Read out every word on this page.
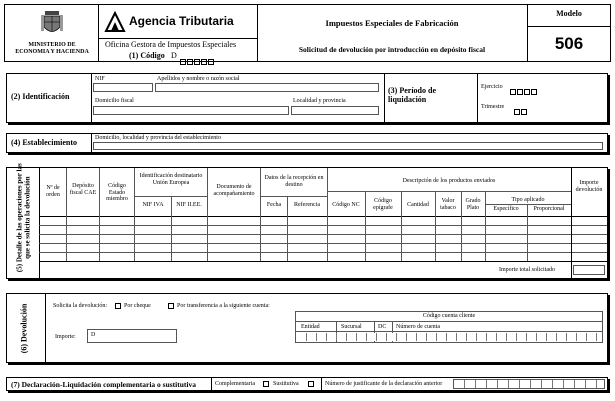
MINISTERIO DE ECONOMIA Y HACIENDA
Agencia Tributaria
Oficina Gestora de Impuestos Especiales
(1) Código D
Impuestos Especiales de Fabricación
Solicitud de devolución por introducción en depósito fiscal
Modelo
506
(2) Identificación
NIF	Apellidos y nombre o razón social
Domicilio fiscal	Localidad y provincia
(3) Período de liquidación
Ejercicio
Trimestre
(4) Establecimiento	Domicilio, localidad y provincia del establecimiento
(5) Detalle de las operaciones por las que se solicita la devolución	Nº de orden
Depósito fiscal CAE
Código Estado miembro
Identificación destinatario Unión Europea
NIF IVA	NIF II.EE.
Documento de acompañamiento
Datos de la recepción en destino
Fecha	Referencia
Descripción de los productos enviados
Código NC
Código epígrafe	Cantidad
Valor tabaco
Grado Plato
Tipo aplicado
Específico	Proporcional
Importe devolución
Importe total solicitado
(6) Devolución	Solicita la devolución:	Por cheque	Por transferencia a la siguiente cuenta:
Importe:	D
Código cuenta cliente
Entidad	Sucursal	DC Número de cuenta
(7) Declaración-Liquidación complementaria o sustitutiva	Complementaria	Sustitutiva	Número de justificante de la declaración anterior
